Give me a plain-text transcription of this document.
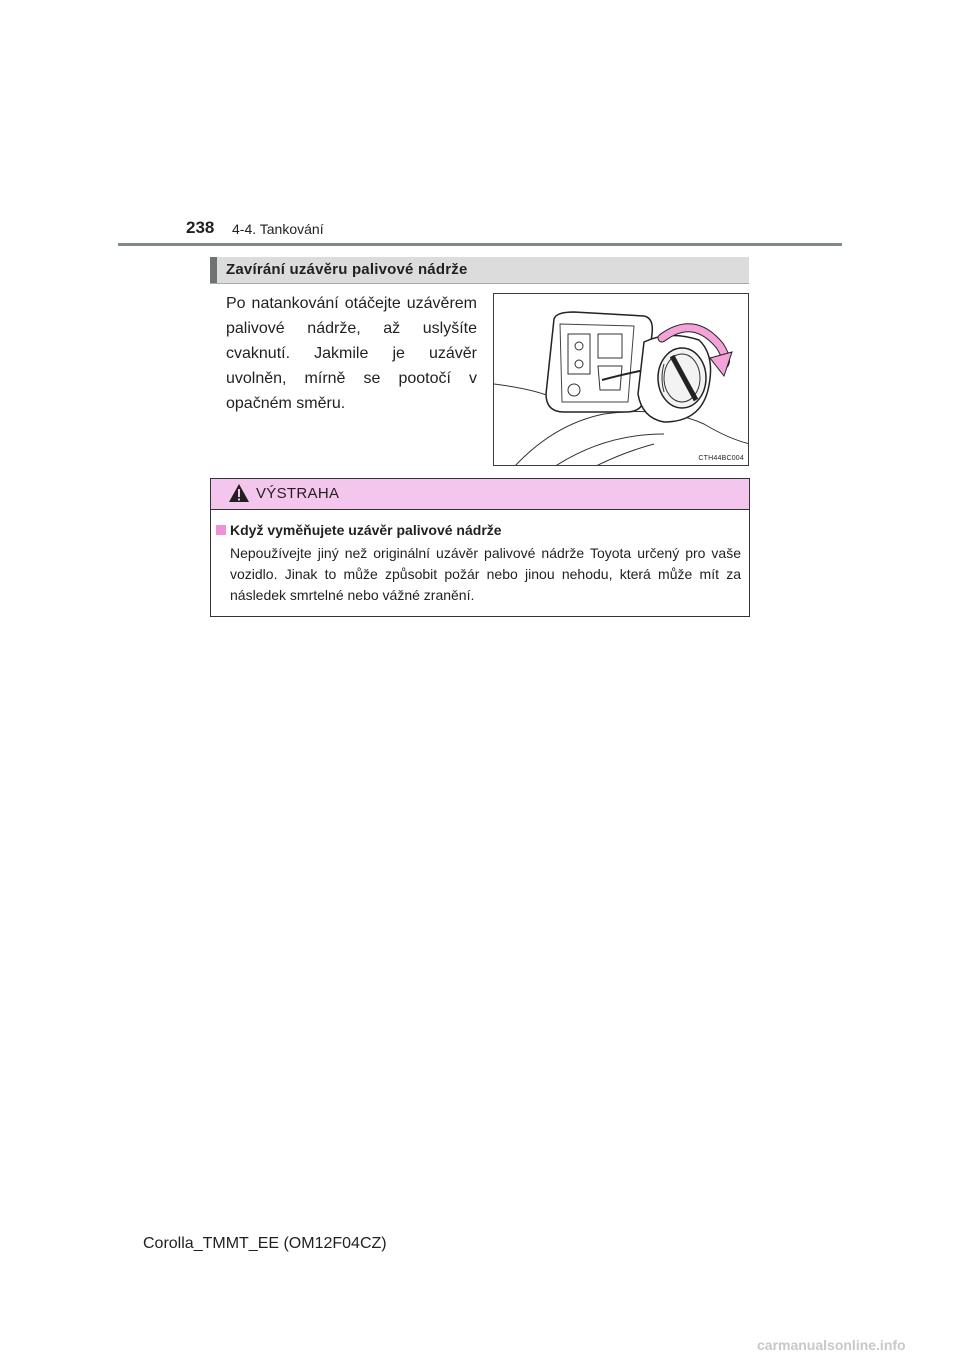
238 4-4. Tankování
Zavírání uzávěru palivové nádrže
Po natankování otáčejte uzávěrem palivové nádrže, až uslyšíte cvaknutí. Jakmile je uzávěr uvolněn, mírně se pootočí v opačném směru.
CTH44BC004
VÝSTRAHA
Když vyměňujete uzávěr palivové nádrže
Nepoužívejte jiný než originální uzávěr palivové nádrže Toyota určený pro vaše vozidlo. Jinak to může způsobit požár nebo jinou nehodu, která může mít za následek smrtelné nebo vážné zranění.
Corolla_TMMT_EE (OM12F04CZ)
carmanualsonline.info
